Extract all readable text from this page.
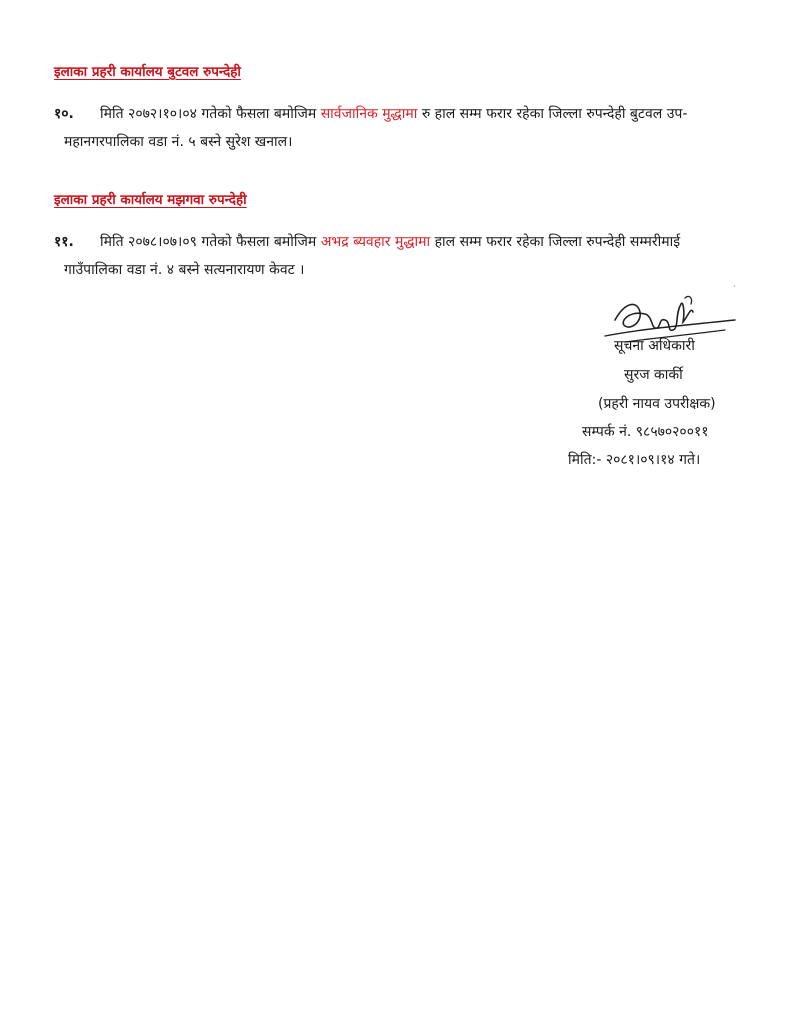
इलाका प्रहरी कार्यालय बुटवल रुपन्देही
१०.	मिति २०७२।१०।०४ गतेको फैसला बमोजिम सार्वजानिक मुद्धामा रु हाल सम्म फरार रहेका जिल्ला रुपन्देही बुटवल उप-
महानगरपालिका वडा नं. ५ बस्ने सुरेश खनाल।
इलाका प्रहरी कार्यालय मझगवा रुपन्देही
११.	मिति २०७८।०७।०९ गतेको फैसला बमोजिम अभद्र ब्यवहार मुद्धामा हाल सम्म फरार रहेका जिल्ला रुपन्देही सम्मरीमाई
गाउँपालिका वडा नं. ४ बस्ने सत्यनारायण केवट ।
·
सूचना अधिकारी
सुरज कार्की
(प्रहरी नायव उपरीक्षक)
सम्पर्क नं. ९८५७०२००११
मिति:- २०८१।०९।१४ गते।
